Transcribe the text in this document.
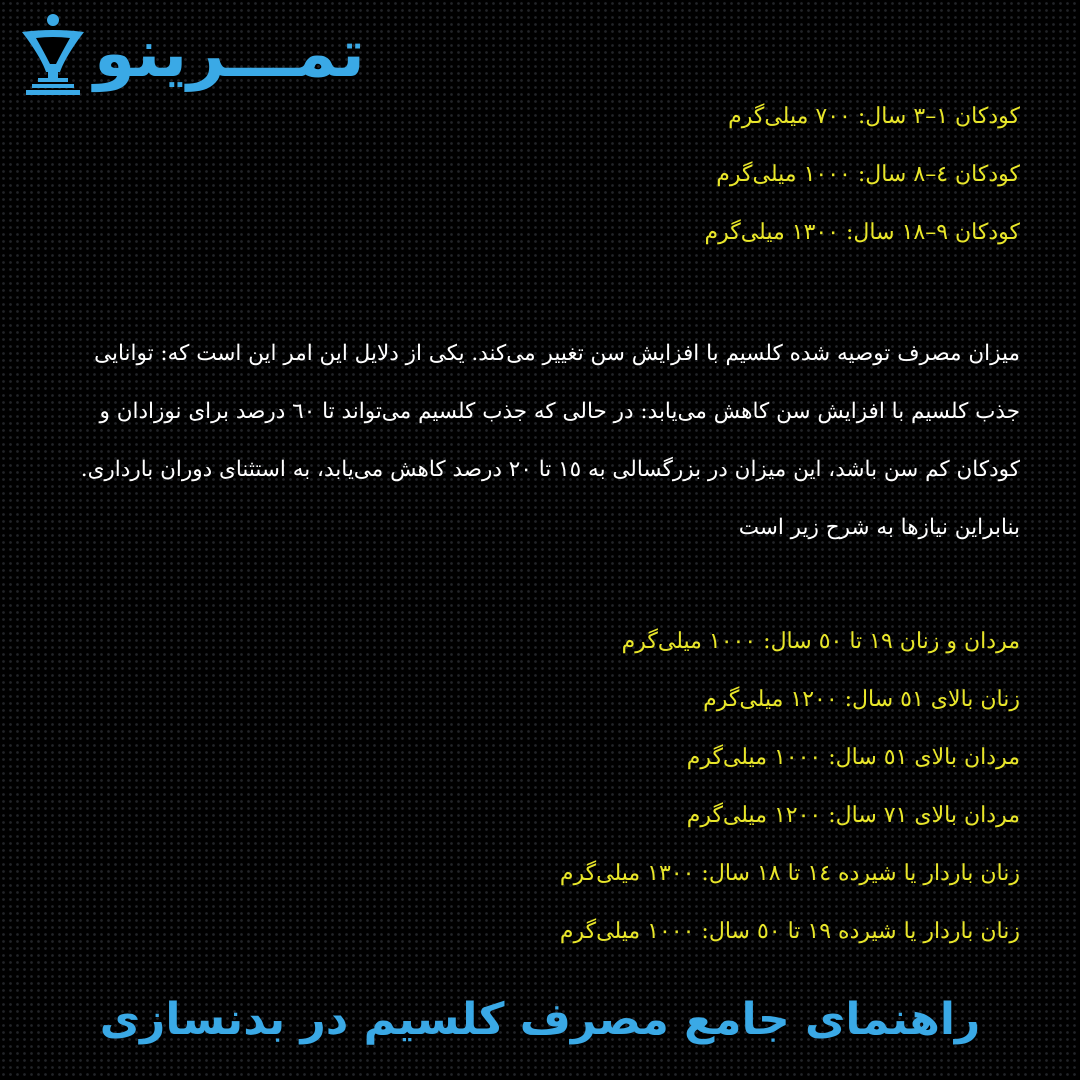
تمـــرینو
کودکان ۱–۳ سال: ۷۰۰ میلی‌گرم
کودکان ٤–۸ سال: ۱۰۰۰ میلی‌گرم
کودکان ۹–۱۸ سال: ۱۳۰۰ میلی‌گرم

میزان مصرف توصیه شده کلسیم با افزایش سن تغییر می‌کند. یکی از دلایل این امر این است که: توانایی جذب کلسیم با افزایش سن کاهش می‌یابد: در حالی که جذب کلسیم می‌تواند تا ٦۰ درصد برای نوزادان و کودکان کم سن باشد، این میزان در بزرگسالی به ۱٥ تا ۲۰ درصد کاهش می‌یابد، به استثنای دوران بارداری. بنابراین نیازها به شرح زیر است

مردان و زنان ۱۹ تا ٥۰ سال: ۱۰۰۰ میلی‌گرم
زنان بالای ٥۱ سال: ۱۲۰۰ میلی‌گرم
مردان بالای ٥۱ سال: ۱۰۰۰ میلی‌گرم
مردان بالای ۷۱ سال: ۱۲۰۰ میلی‌گرم
زنان باردار یا شیرده ١٤ تا ۱۸ سال: ۱۳۰۰ میلی‌گرم
زنان باردار یا شیرده ۱۹ تا ٥۰ سال: ۱۰۰۰ میلی‌گرم
راهنمای جامع مصرف کلسیم در بدنسازی
